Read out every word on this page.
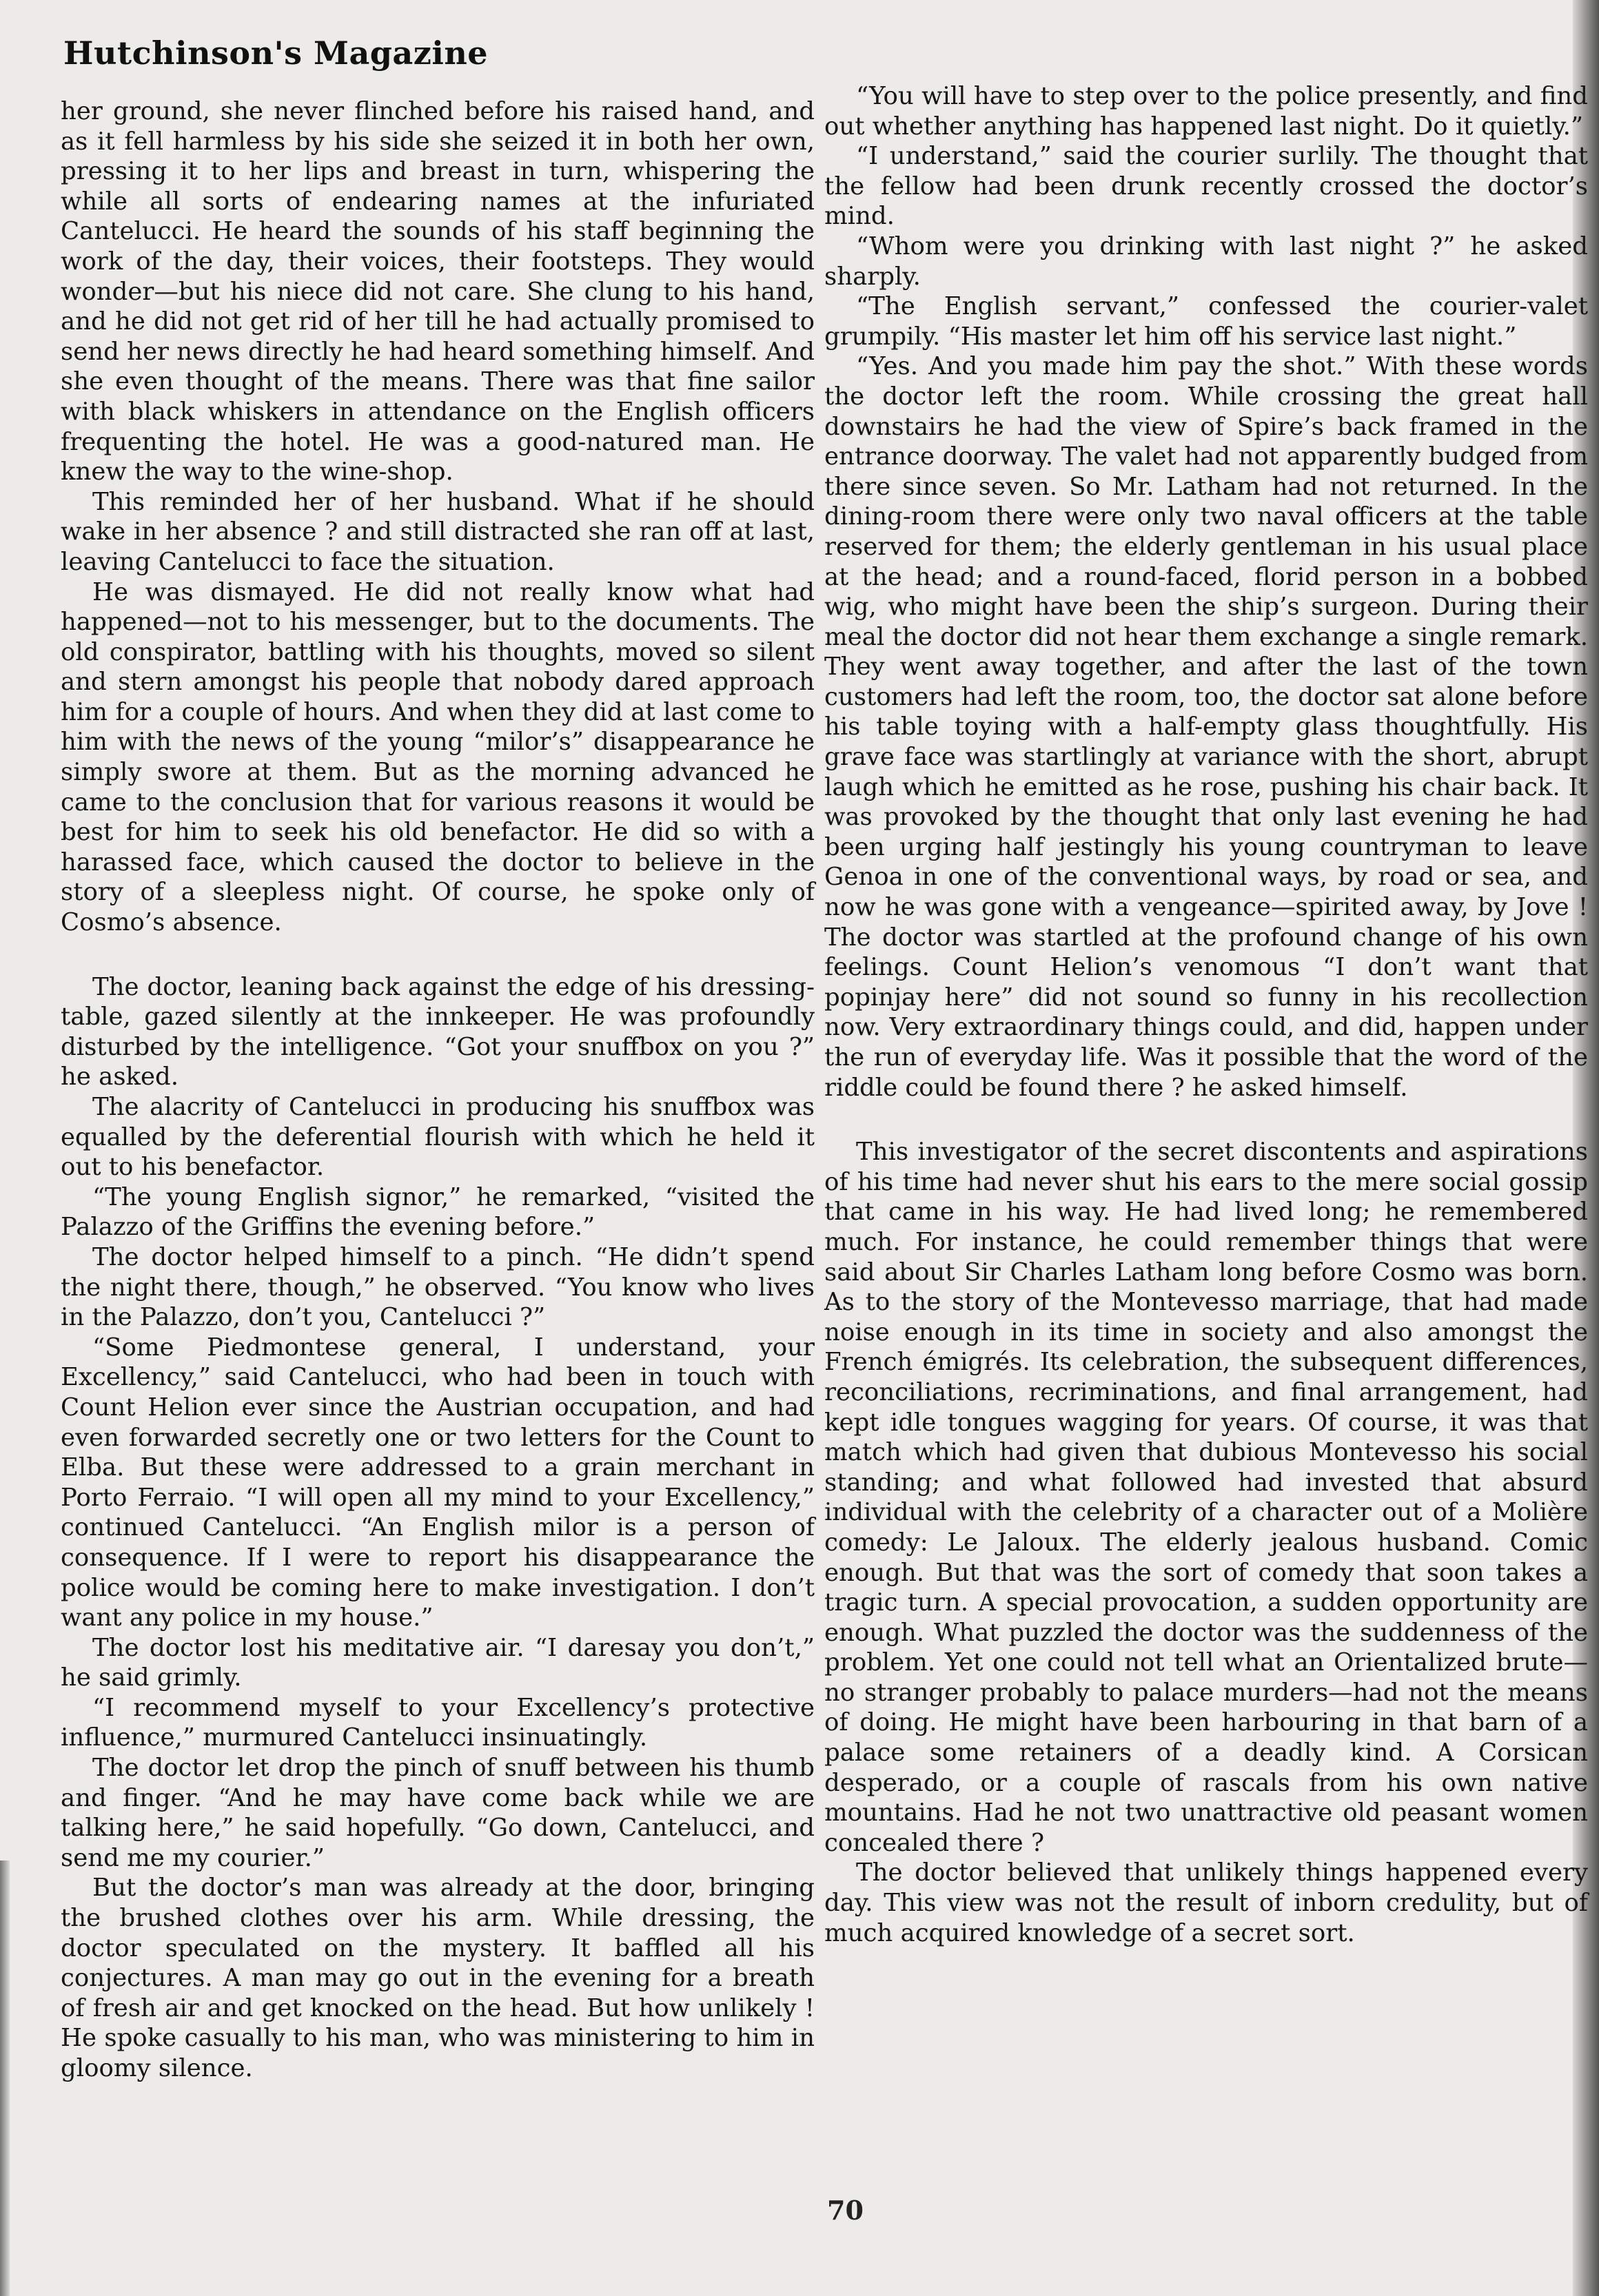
Hutchinson's Magazine

her ground, she never flinched before his raised hand, and as it fell harmless by his side she seized it in both her own, pressing it to her lips and breast in turn, whispering the while all sorts of endearing names at the infuriated Cantelucci. He heard the sounds of his staff beginning the work of the day, their voices, their footsteps. They would wonder—but his niece did not care. She clung to his hand, and he did not get rid of her till he had actually promised to send her news directly he had heard something himself. And she even thought of the means. There was that fine sailor with black whiskers in attendance on the English officers frequenting the hotel. He was a good-natured man. He knew the way to the wine-shop.

This reminded her of her husband. What if he should wake in her absence ? and still distracted she ran off at last, leaving Cantelucci to face the situation.

He was dismayed. He did not really know what had happened—not to his messenger, but to the documents. The old conspirator, battling with his thoughts, moved so silent and stern amongst his people that nobody dared approach him for a couple of hours. And when they did at last come to him with the news of the young “milor’s” disappearance he simply swore at them. But as the morning advanced he came to the conclusion that for various reasons it would be best for him to seek his old benefactor. He did so with a harassed face, which caused the doctor to believe in the story of a sleepless night. Of course, he spoke only of Cosmo’s absence.

The doctor, leaning back against the edge of his dressing-table, gazed silently at the innkeeper. He was profoundly disturbed by the intelligence. “Got your snuffbox on you ?” he asked.

The alacrity of Cantelucci in producing his snuffbox was equalled by the deferential flourish with which he held it out to his benefactor.

“The young English signor,” he remarked, “visited the Palazzo of the Griffins the evening before.”

The doctor helped himself to a pinch. “He didn’t spend the night there, though,” he observed. “You know who lives in the Palazzo, don’t you, Cantelucci ?”

“Some Piedmontese general, I understand, your Excellency,” said Cantelucci, who had been in touch with Count Helion ever since the Austrian occupation, and had even forwarded secretly one or two letters for the Count to Elba. But these were addressed to a grain merchant in Porto Ferraio. “I will open all my mind to your Excellency,” continued Cantelucci. “An English milor is a person of consequence. If I were to report his disappearance the police would be coming here to make investigation. I don’t want any police in my house.”

The doctor lost his meditative air. “I daresay you don’t,” he said grimly.

“I recommend myself to your Excellency’s protective influence,” murmured Cantelucci insinuatingly.

The doctor let drop the pinch of snuff between his thumb and finger. “And he may have come back while we are talking here,” he said hopefully. “Go down, Cantelucci, and send me my courier.”

But the doctor’s man was already at the door, bringing the brushed clothes over his arm. While dressing, the doctor speculated on the mystery. It baffled all his conjectures. A man may go out in the evening for a breath of fresh air and get knocked on the head. But how unlikely ! He spoke casually to his man, who was ministering to him in gloomy silence.

“You will have to step over to the police presently, and find out whether anything has happened last night. Do it quietly.”

“I understand,” said the courier surlily. The thought that the fellow had been drunk recently crossed the doctor’s mind.

“Whom were you drinking with last night ?” he asked sharply.

“The English servant,” confessed the courier-valet grumpily. “His master let him off his service last night.”

“Yes. And you made him pay the shot.” With these words the doctor left the room. While crossing the great hall downstairs he had the view of Spire’s back framed in the entrance doorway. The valet had not apparently budged from there since seven. So Mr. Latham had not returned. In the dining-room there were only two naval officers at the table reserved for them; the elderly gentleman in his usual place at the head; and a round-faced, florid person in a bobbed wig, who might have been the ship’s surgeon. During their meal the doctor did not hear them exchange a single remark. They went away together, and after the last of the town customers had left the room, too, the doctor sat alone before his table toying with a half-empty glass thoughtfully. His grave face was startlingly at variance with the short, abrupt laugh which he emitted as he rose, pushing his chair back. It was provoked by the thought that only last evening he had been urging half jestingly his young countryman to leave Genoa in one of the conventional ways, by road or sea, and now he was gone with a vengeance—spirited away, by Jove ! The doctor was startled at the profound change of his own feelings. Count Helion’s venomous “I don’t want that popinjay here” did not sound so funny in his recollection now. Very extraordinary things could, and did, happen under the run of everyday life. Was it possible that the word of the riddle could be found there ? he asked himself.

This investigator of the secret discontents and aspirations of his time had never shut his ears to the mere social gossip that came in his way. He had lived long; he remembered much. For instance, he could remember things that were said about Sir Charles Latham long before Cosmo was born. As to the story of the Montevesso marriage, that had made noise enough in its time in society and also amongst the French émigrés. Its celebration, the subsequent differences, reconciliations, recriminations, and final arrangement, had kept idle tongues wagging for years. Of course, it was that match which had given that dubious Montevesso his social standing; and what followed had invested that absurd individual with the celebrity of a character out of a Molière comedy: Le Jaloux. The elderly jealous husband. Comic enough. But that was the sort of comedy that soon takes a tragic turn. A special provocation, a sudden opportunity are enough. What puzzled the doctor was the suddenness of the problem. Yet one could not tell what an Orientalized brute—no stranger probably to palace murders—had not the means of doing. He might have been harbouring in that barn of a palace some retainers of a deadly kind. A Corsican desperado, or a couple of rascals from his own native mountains. Had he not two unattractive old peasant women concealed there ?

The doctor believed that unlikely things happened every day. This view was not the result of inborn credulity, but of much acquired knowledge of a secret sort.

70
